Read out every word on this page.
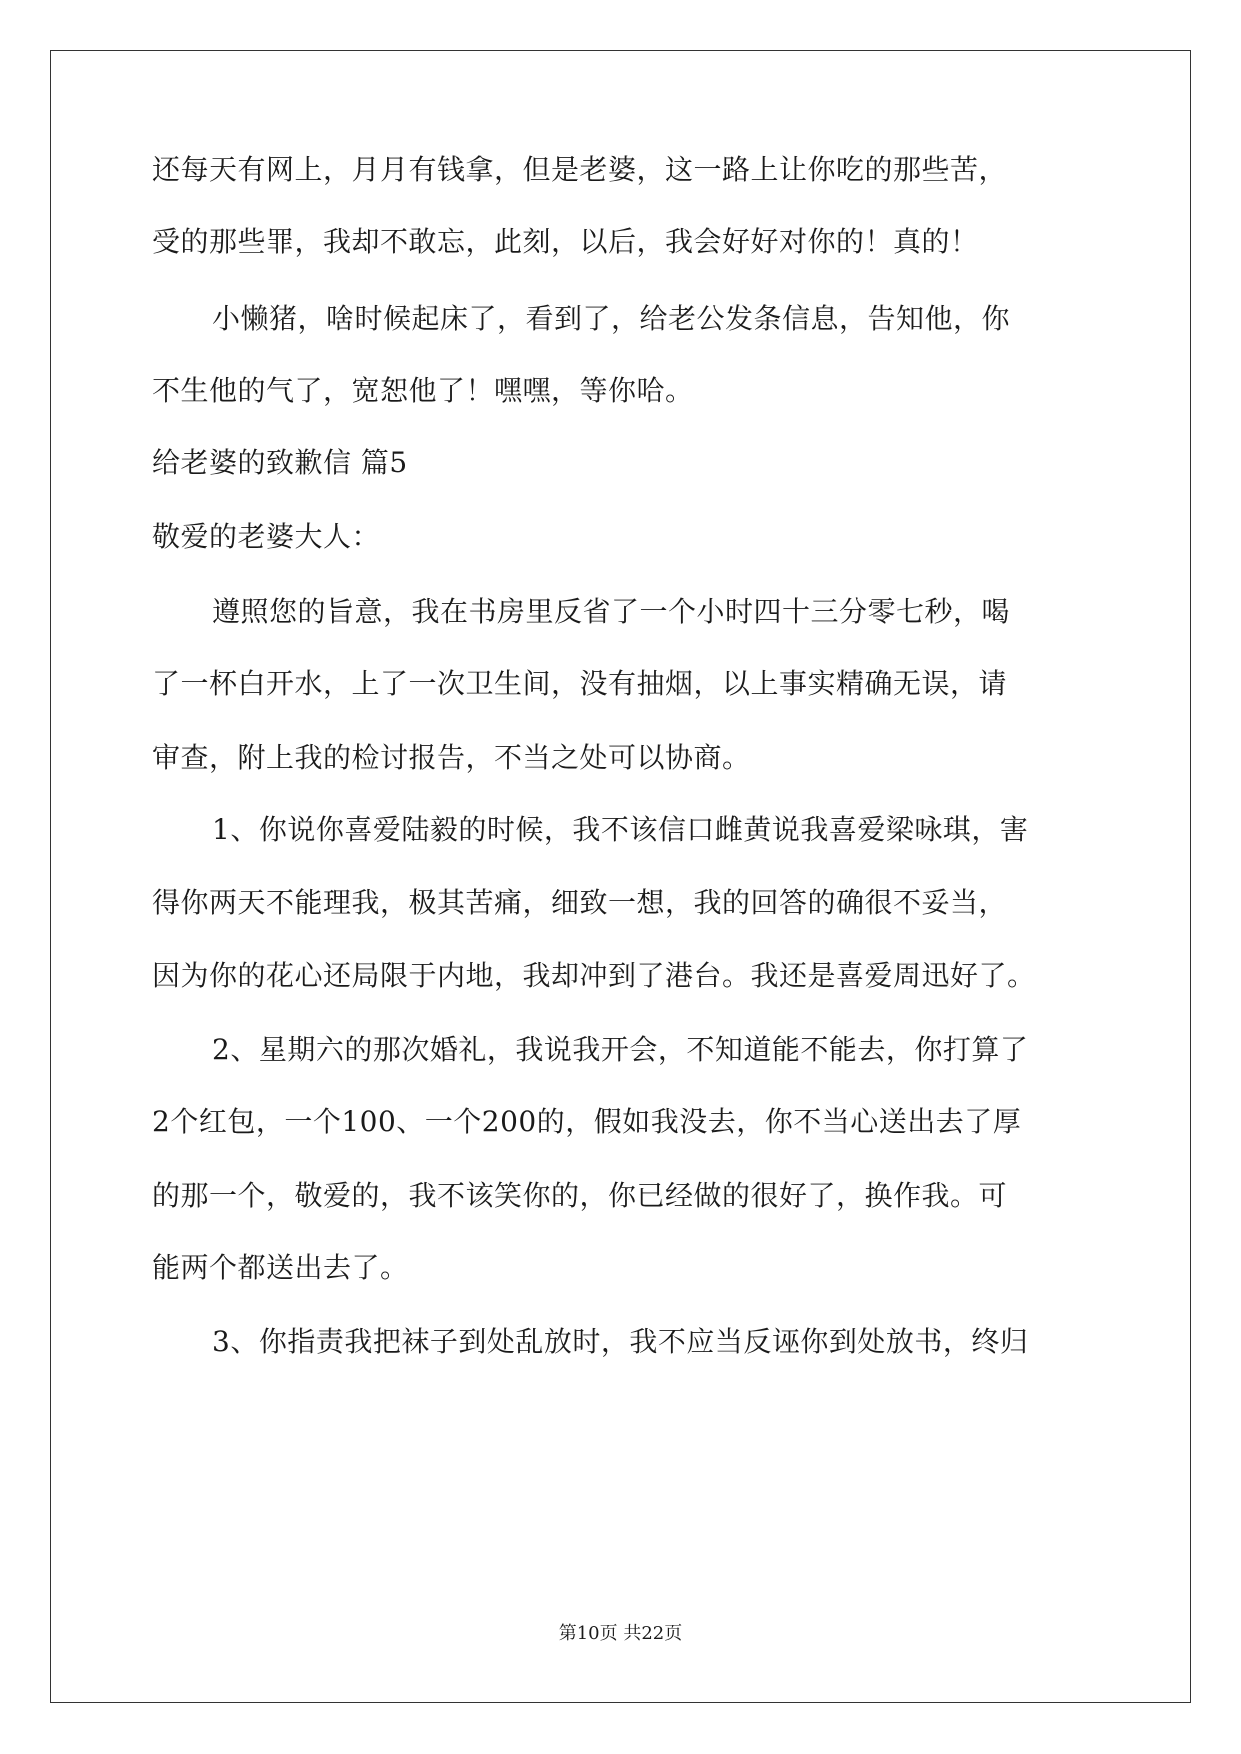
还每天有网上，月月有钱拿，但是老婆，这一路上让你吃的那些苦，
受的那些罪，我却不敢忘，此刻，以后，我会好好对你的！真的！
小懒猪，啥时候起床了，看到了，给老公发条信息，告知他，你
不生他的气了，宽恕他了！嘿嘿，等你哈。
给老婆的致歉信 篇5
敬爱的老婆大人：
遵照您的旨意，我在书房里反省了一个小时四十三分零七秒，喝
了一杯白开水，上了一次卫生间，没有抽烟，以上事实精确无误，请
审查，附上我的检讨报告，不当之处可以协商。
1、你说你喜爱陆毅的时候，我不该信口雌黄说我喜爱梁咏琪，害
得你两天不能理我，极其苦痛，细致一想，我的回答的确很不妥当，
因为你的花心还局限于内地，我却冲到了港台。我还是喜爱周迅好了。
2、星期六的那次婚礼，我说我开会，不知道能不能去，你打算了
2个红包，一个100、一个200的，假如我没去，你不当心送出去了厚
的那一个，敬爱的，我不该笑你的，你已经做的很好了，换作我。可
能两个都送出去了。
3、你指责我把袜子到处乱放时，我不应当反诬你到处放书，终归
第10页 共22页
